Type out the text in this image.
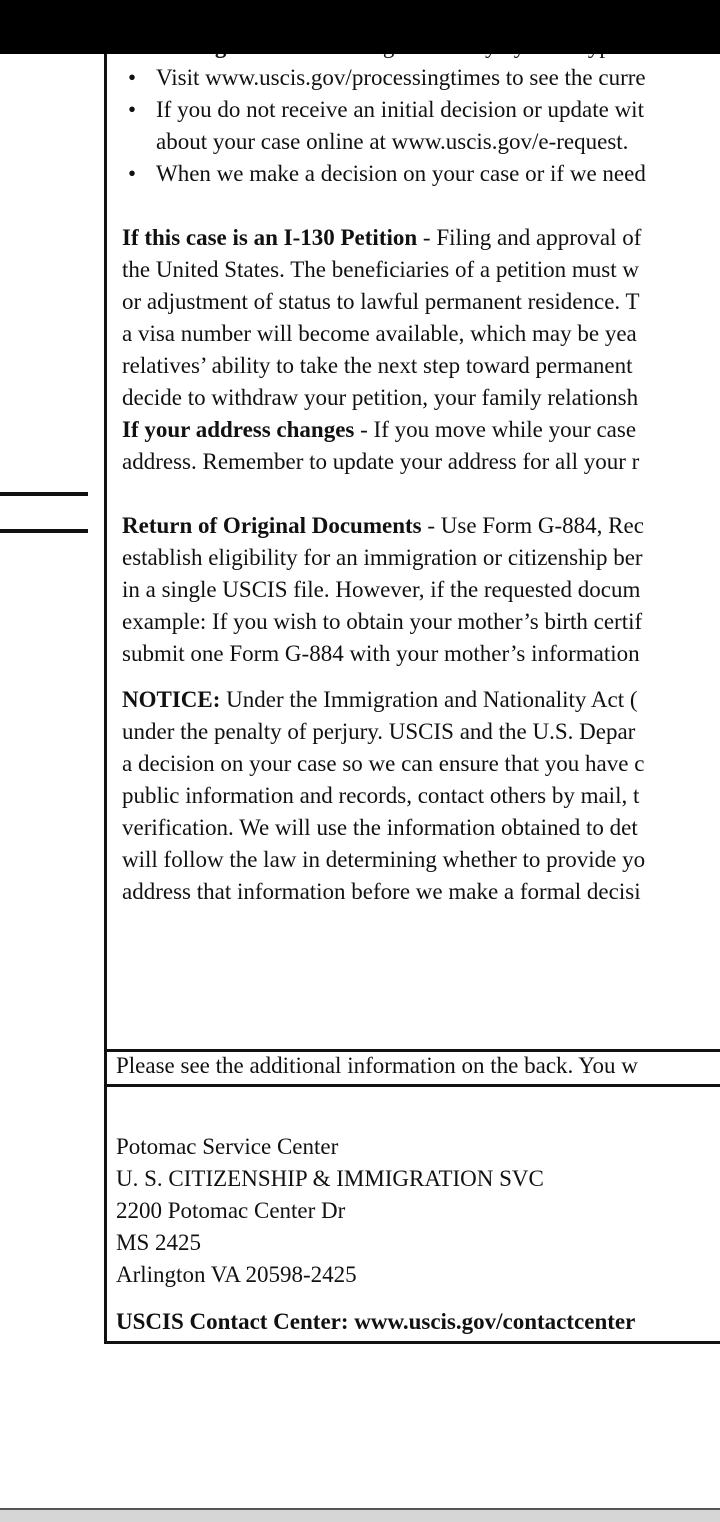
• Visit www.uscis.gov/processingtimes to see the curre
• If you do not receive an initial decision or update wit
about your case online at www.uscis.gov/e-request.
• When we make a decision on your case or if we need
If this case is an I-130 Petition - Filing and approval of
the United States. The beneficiaries of a petition must w
or adjustment of status to lawful permanent residence. T
a visa number will become available, which may be yea
relatives’ ability to take the next step toward permanent
decide to withdraw your petition, your family relationsh
If your address changes - If you move while your case
address. Remember to update your address for all your r
Return of Original Documents - Use Form G-884, Rec
establish eligibility for an immigration or citizenship ber
in a single USCIS file. However, if the requested docum
example: If you wish to obtain your mother’s birth certif
submit one Form G-884 with your mother’s information
NOTICE: Under the Immigration and Nationality Act (
under the penalty of perjury. USCIS and the U.S. Depar
a decision on your case so we can ensure that you have c
public information and records, contact others by mail, t
verification. We will use the information obtained to det
will follow the law in determining whether to provide yo
address that information before we make a formal decisi
Please see the additional information on the back. You w
Potomac Service Center
U. S. CITIZENSHIP & IMMIGRATION SVC
2200 Potomac Center Dr
MS 2425
Arlington VA 20598-2425
USCIS Contact Center: www.uscis.gov/contactcenter
